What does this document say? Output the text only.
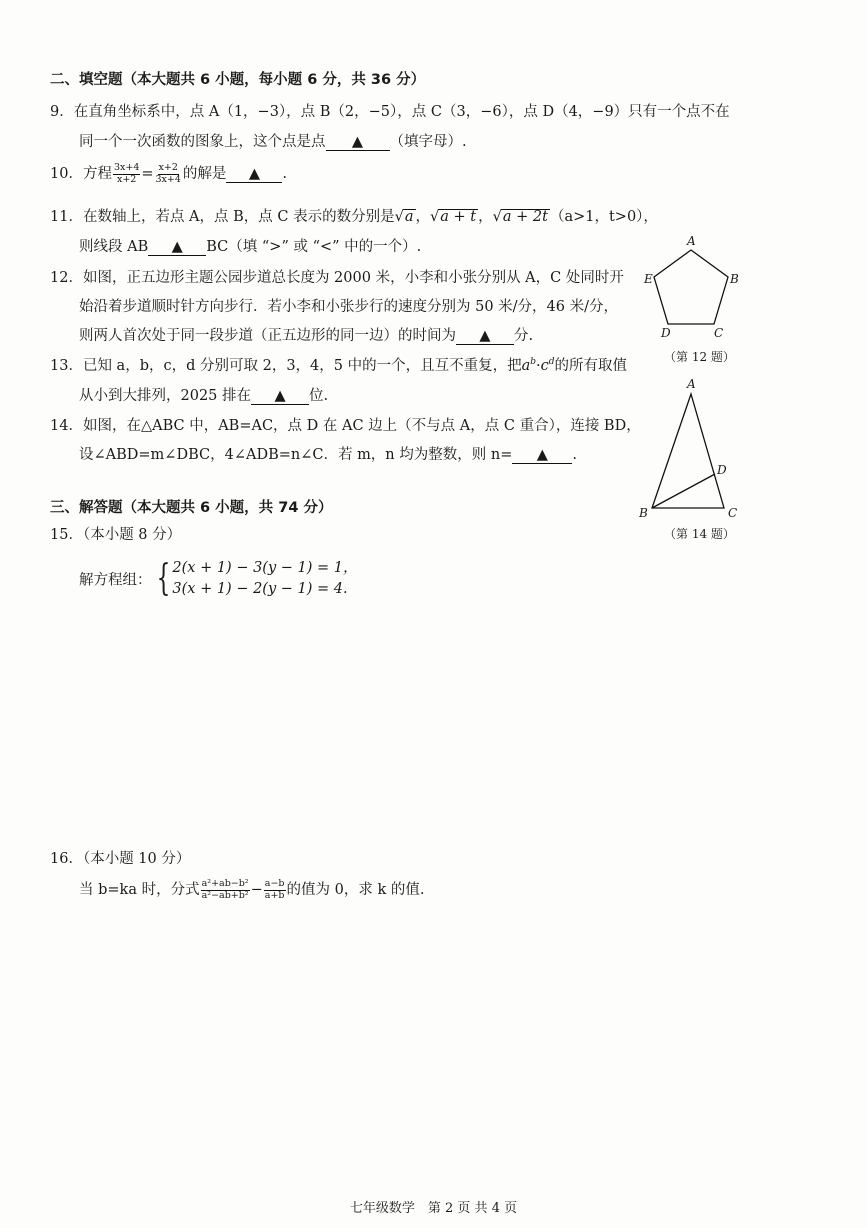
二、填空题（本大题共 6 小题，每小题 6 分，共 36 分）
9．在直角坐标系中，点 A（1，−3），点 B（2，−5），点 C（3，−6），点 D（4，−9）只有一个点不在
同一个一次函数的图象上，这个点是点 ▲ （填字母）.
10．方程 $\frac{3x+4}{x+2} = \frac{x+2}{3x+4}$ 的解是 ▲ .
11．在数轴上，若点 A，点 B，点 C 表示的数分别是√a ，√a + t ，√a + 2t （a>1，t>0），
则线段 AB ▲ BC（填 “>” 或 “<” 中的一个）.
12．如图，正五边形主题公园步道总长度为 2000 米，小李和小张分别从 A，C 处同时开
始沿着步道顺时针方向步行．若小李和小张步行的速度分别为 50 米/分，46 米/分，
则两人首次处于同一段步道（正五边形的同一边）的时间为 ▲ 分.
13．已知 a，b，c，d 分别可取 2，3，4，5 中的一个，且互不重复，把$a^b\cdot c^d$的所有取值
从小到大排列，2025 排在 ▲ 位.
14．如图，在△ABC 中，AB=AC，点 D 在 AC 边上（不与点 A，点 C 重合），连接 BD，
设∠ABD=m∠DBC，4∠ADB=n∠C．若 m，n 均为整数，则 n= ▲ .
三、解答题（本大题共 6 小题，共 74 分）
15．（本小题 8 分）
解方程组： { 2(x + 1) − 3(y − 1) = 1，
3(x + 1) − 2(y − 1) = 4.
16．（本小题 10 分）
当 b=ka 时，分式 $\frac{\text{a²+ab−b²}}{\text{a²−ab+b²}} - \frac{a-b}{a+b}$ 的值为 0，求 k 的值.
A
B
C
D
E
（第 12 题）
A
B	C
D
（第 14 题）
七年级数学　第 2 页 共 4 页
